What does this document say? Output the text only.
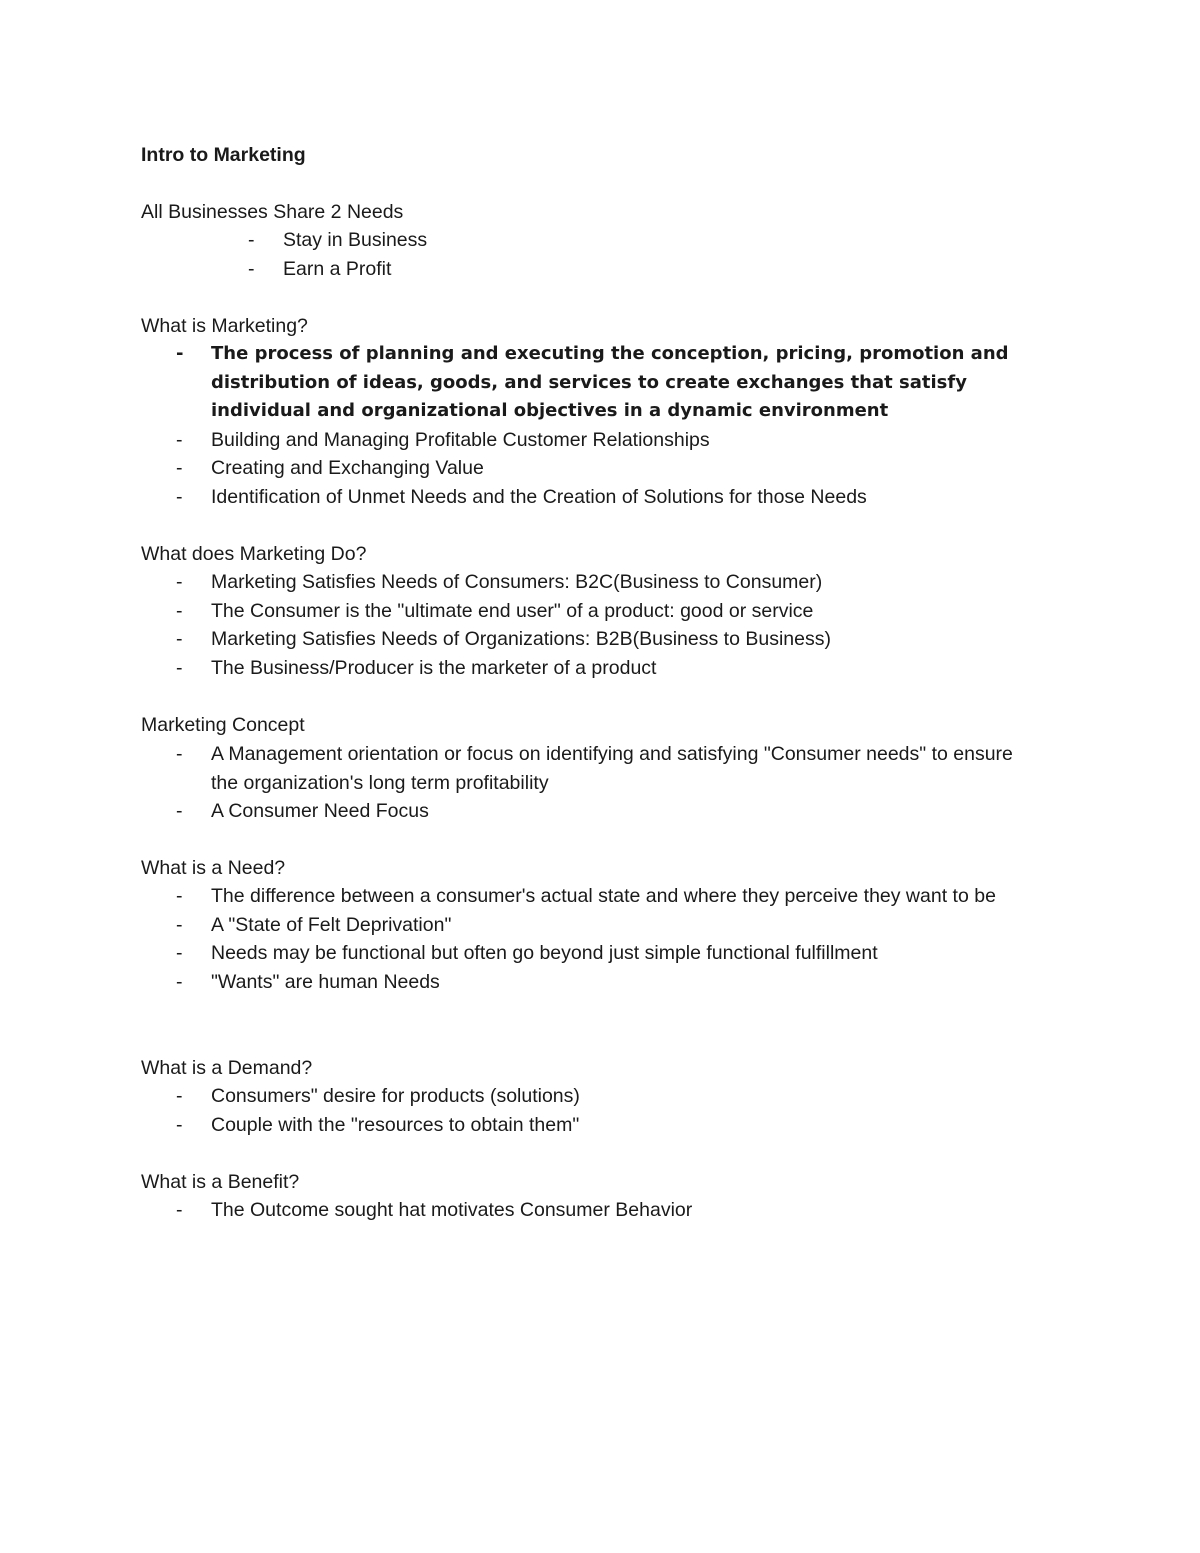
Intro to Marketing

All Businesses Share 2 Needs

- Stay in Business
- Earn a Profit

What is Marketing?

- The process of planning and executing the conception, pricing, promotion and distribution of ideas, goods, and services to create exchanges that satisfy individual and organizational objectives in a dynamic environment
- Building and Managing Profitable Customer Relationships
- Creating and Exchanging Value
- Identification of Unmet Needs and the Creation of Solutions for those Needs

What does Marketing Do?

- Marketing Satisfies Needs of Consumers: B2C(Business to Consumer)
- The Consumer is the "ultimate end user" of a product: good or service
- Marketing Satisfies Needs of Organizations: B2B(Business to Business)
- The Business/Producer is the marketer of a product

Marketing Concept

- A Management orientation or focus on identifying and satisfying "Consumer needs" to ensure the organization's long term profitability
- A Consumer Need Focus

What is a Need?

- The difference between a consumer's actual state and where they perceive they want to be
- A "State of Felt Deprivation"
- Needs may be functional but often go beyond just simple functional fulfillment
- "Wants" are human Needs

What is a Demand?

- Consumers" desire for products (solutions)
- Couple with the "resources to obtain them"

What is a Benefit?

- The Outcome sought hat motivates Consumer Behavior
